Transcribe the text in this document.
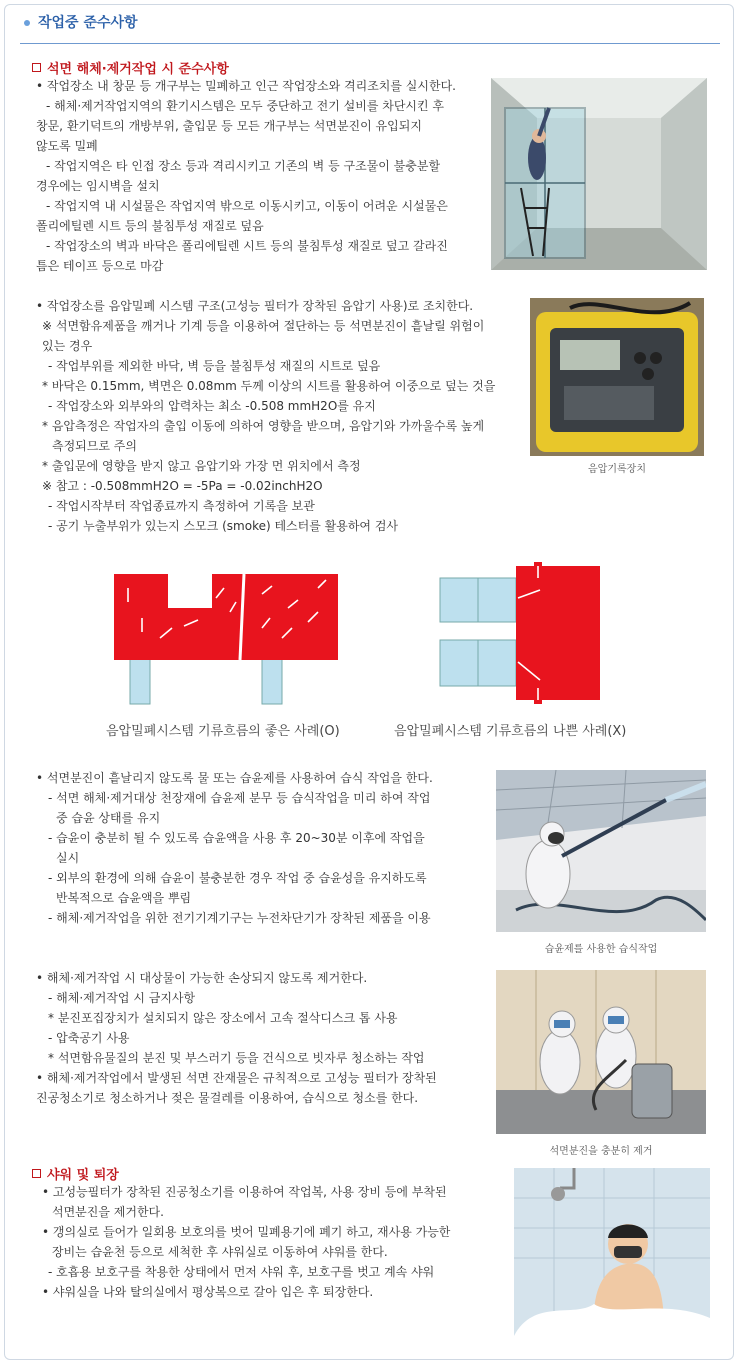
작업중 준수사항
석면 해체·제거작업 시 준수사항
• 작업장소 내 창문 등 개구부는 밀폐하고 인근 작업장소와 격리조치를 실시한다.
- 해체·제거작업지역의 환기시스템은 모두 중단하고 전기 설비를 차단시킨 후
창문, 환기덕트의 개방부위, 출입문 등 모든 개구부는 석면분진이 유입되지
않도록 밀폐
- 작업지역은 타 인접 장소 등과 격리시키고 기존의 벽 등 구조물이 불충분할
경우에는 임시벽을 설치
- 작업지역 내 시설물은 작업지역 밖으로 이동시키고, 이동이 어려운 시설물은
폴리에틸렌 시트 등의 불침투성 재질로 덮음
- 작업장소의 벽과 바닥은 폴리에틸렌 시트 등의 불침투성 재질로 덮고 갈라진
틈은 테이프 등으로 마감
• 작업장소를 음압밀폐 시스템 구조(고성능 필터가 장착된 음압기 사용)로 조치한다.
※ 석면함유제품을 깨거나 기계 등을 이용하여 절단하는 등 석면분진이 흩날릴 위험이
있는 경우
- 작업부위를 제외한 바닥, 벽 등을 불침투성 재질의 시트로 덮음
* 바닥은 0.15mm, 벽면은 0.08mm 두께 이상의 시트를 활용하여 이중으로 덮는 것을
- 작업장소와 외부와의 압력차는 최소 -0.508 mmH2O를 유지
* 음압측정은 작업자의 출입 이동에 의하여 영향을 받으며, 음압기와 가까울수록 높게
측정되므로 주의
* 출입문에 영향을 받지 않고 음압기와 가장 먼 위치에서 측정
※ 참고 : -0.508mmH2O = -5Pa = -0.02inchH2O
- 작업시작부터 작업종료까지 측정하여 기록을 보관
- 공기 누출부위가 있는지 스모크 (smoke) 테스터를 활용하여 검사
음압기록장치
음압밀폐시스템 기류흐름의 좋은 사례(O)	음압밀폐시스템 기류흐름의 나쁜 사례(X)
• 석면분진이 흩날리지 않도록 물 또는 습윤제를 사용하여 습식 작업을 한다.
- 석면 해체·제거대상 천장재에 습윤제 분무 등 습식작업을 미리 하여 작업
중 습윤 상태를 유지
- 습윤이 충분히 될 수 있도록 습윤액을 사용 후 20~30분 이후에 작업을
실시
- 외부의 환경에 의해 습윤이 불충분한 경우 작업 중 습윤성을 유지하도록
반복적으로 습윤액을 뿌림
- 해체·제거작업을 위한 전기기계기구는 누전차단기가 장착된 제품을 이용
습윤제를 사용한 습식작업
• 해체·제거작업 시 대상물이 가능한 손상되지 않도록 제거한다.
- 해체·제거작업 시 금지사항
* 분진포집장치가 설치되지 않은 장소에서 고속 절삭디스크 톱 사용
- 압축공기 사용
* 석면함유물질의 분진 및 부스러기 등을 건식으로 빗자루 청소하는 작업
• 해체·제거작업에서 발생된 석면 잔재물은 규칙적으로 고성능 필터가 장착된
진공청소기로 청소하거나 젖은 물걸레를 이용하여, 습식으로 청소를 한다.
석면분진을 충분히 제거
샤워 및 퇴장
• 고성능필터가 장착된 진공청소기를 이용하여 작업복, 사용 장비 등에 부착된
석면분진을 제거한다.
• 갱의실로 들어가 일회용 보호의를 벗어 밀폐용기에 폐기 하고, 재사용 가능한
장비는 습윤천 등으로 세척한 후 샤워실로 이동하여 샤워를 한다.
- 호흡용 보호구를 착용한 상태에서 먼저 샤워 후, 보호구를 벗고 계속 샤워
• 샤워실을 나와 탈의실에서 평상복으로 갈아 입은 후 퇴장한다.
